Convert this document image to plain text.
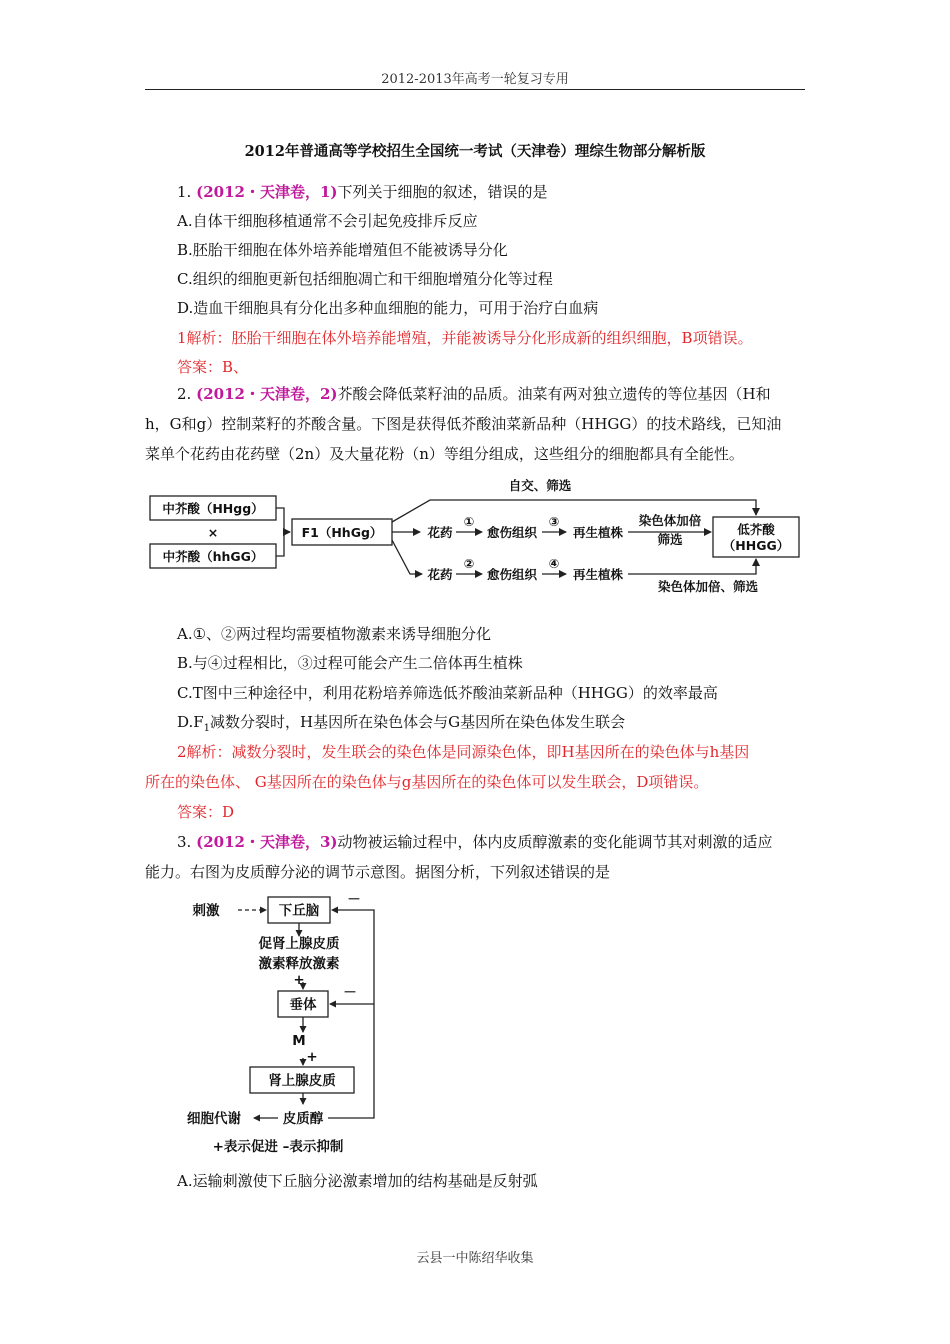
2012-2013年高考一轮复习专用
2012年普通高等学校招生全国统一考试（天津卷）理综生物部分解析版
1. (2012・天津卷，1)下列关于细胞的叙述，错误的是
A.自体干细胞移植通常不会引起免疫排斥反应
B.胚胎干细胞在体外培养能增殖但不能被诱导分化
C.组织的细胞更新包括细胞凋亡和干细胞增殖分化等过程
D.造血干细胞具有分化出多种血细胞的能力，可用于治疗白血病
1解析：胚胎干细胞在体外培养能增殖，并能被诱导分化形成新的组织细胞，B项错误。
答案：B、
2. (2012・天津卷，2)芥酸会降低菜籽油的品质。油菜有两对独立遗传的等位基因（H和
h，G和g）控制菜籽的芥酸含量。下图是获得低芥酸油菜新品种（HHGG）的技术路线，已知油
菜单个花药由花药壁（2n）及大量花粉（n）等组分组成，这些组分的细胞都具有全能性。
中芥酸（HHgg）
×
中芥酸（hhGG）
F1（HhGg）
自交、筛选
花药
①
愈伤组织
③
再生植株
染色体加倍
筛选
低芥酸
（HHGG）
花药
②
愈伤组织
④
再生植株
染色体加倍、筛选
A.①、②两过程均需要植物激素来诱导细胞分化
B.与④过程相比，③过程可能会产生二倍体再生植株
C.T图中三种途径中，利用花粉培养筛选低芥酸油菜新品种（HHGG）的效率最高
$D.F_1$减数分裂时，H基因所在染色体会与G基因所在染色体发生联会
2解析：减数分裂时，发生联会的染色体是同源染色体，即H基因所在的染色体与h基因
所在的染色体、 G基因所在的染色体与g基因所在的染色体可以发生联会，D项错误。
答案：D
3. (2012・天津卷，3)动物被运输过程中，体内皮质醇激素的变化能调节其对刺激的适应
能力。右图为皮质醇分泌的调节示意图。据图分析，下列叙述错误的是
刺激	下丘脑
促肾上腺皮质
激素释放激素
+
垂体
M
+
肾上腺皮质
皮质醇
细胞代谢
－
－
+表示促进 –表示抑制
A.运输刺激使下丘脑分泌激素增加的结构基础是反射弧
云县一中陈绍华收集
